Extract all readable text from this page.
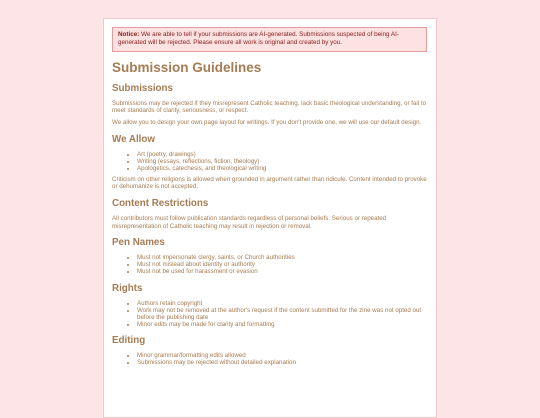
Notice: We are able to tell if your submissions are AI-generated. Submissions suspected of being AI-generated will be rejected. Please ensure all work is original and created by you.
Submission Guidelines
Submissions

Submissions may be rejected if they misrepresent Catholic teaching, lack basic theological understanding, or fail to meet standards of clarity, seriousness, or respect.

We allow you to design your own page layout for writings. If you don't provide one, we will use our default design.

We Allow
• Art (poetry, drawings)
• Writing (essays, reflections, fiction, theology)
• Apologetics, catechesis, and theological writing

Criticism on other religions is allowed when grounded in argument rather than ridicule. Content intended to provoke or dehumanize is not accepted.

Content Restrictions

All contributors must follow publication standards regardless of personal beliefs. Serious or repeated misrepresentation of Catholic teaching may result in rejection or removal.

Pen Names
• Must not impersonate clergy, saints, or Church authorities
• Must not mislead about identity or authority
• Must not be used for harassment or evasion
Rights
• Authors retain copyright
• Work may not be removed at the author's request if the content submitted for the zine was not opted out before the publishing date
• Minor edits may be made for clarity and formatting
Editing
• Minor grammar/formatting edits allowed
• Submissions may be rejected without detailed explanation
